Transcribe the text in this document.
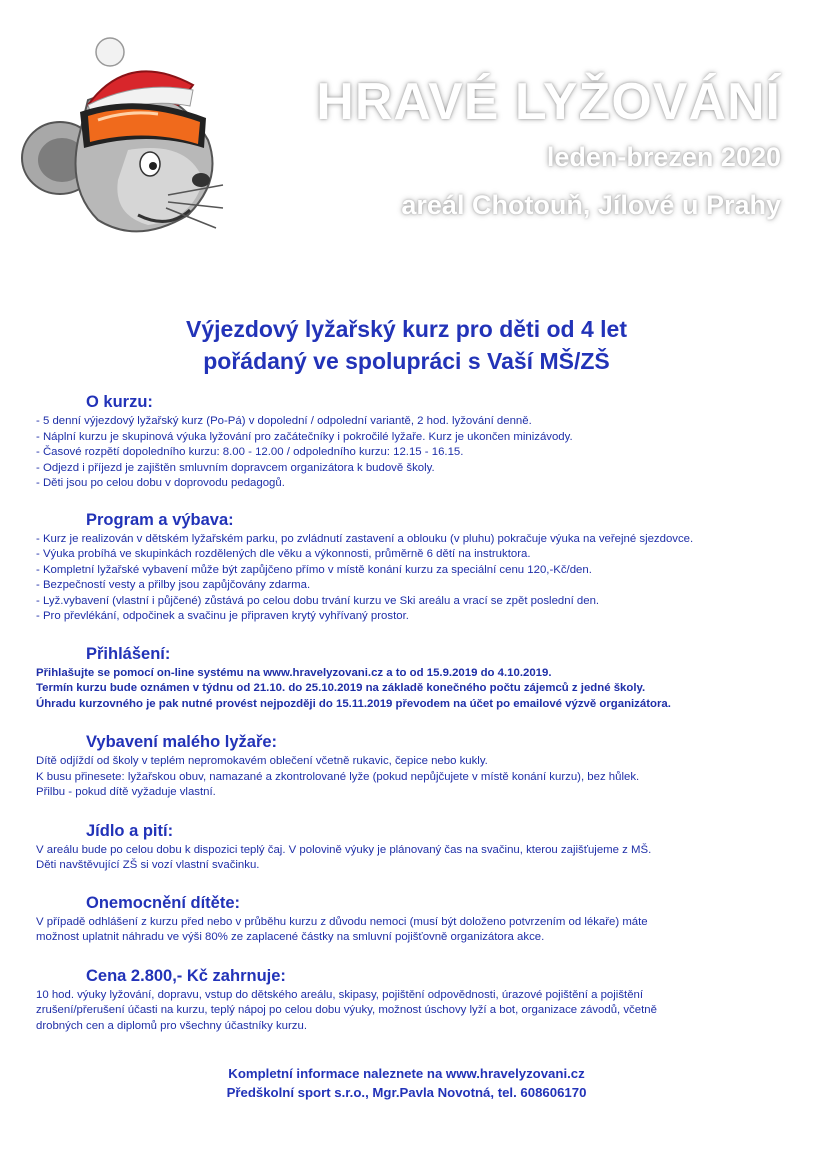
HRAVÉ LYŽOVÁNÍ
leden-brezen 2020
areál Chotouň, Jílové u Prahy
Výjezdový lyžařský kurz pro děti od 4 let
pořádaný ve spolupráci s Vaší MŠ/ZŠ
O kurzu:
- 5 denní výjezdový lyžařský kurz (Po-Pá) v dopolední / odpolední variantě, 2 hod. lyžování denně.
- Náplní kurzu je skupinová výuka lyžování pro začátečníky i pokročilé lyžaře. Kurz je ukončen minizávody.
- Časové rozpětí dopoledního kurzu: 8.00 - 12.00 / odpoledního kurzu: 12.15 - 16.15.
- Odjezd i příjezd je zajištěn smluvním dopravcem organizátora k budově školy.
- Děti jsou po celou dobu v doprovodu pedagogů.
Program a výbava:
- Kurz je realizován v dětském lyžařském parku, po zvládnutí zastavení a oblouku (v pluhu) pokračuje výuka na veřejné sjezdovce.
- Výuka probíhá ve skupinkách rozdělených dle věku a výkonnosti, průměrně 6 dětí na instruktora.
- Kompletní lyžařské vybavení může být zapůjčeno přímo v místě konání kurzu za speciální cenu 120,-Kč/den.
- Bezpečností vesty a přilby jsou zapůjčovány zdarma.
- Lyž.vybavení (vlastní i půjčené) zůstává po celou dobu trvání kurzu ve Ski areálu a vrací se zpět poslední den.
- Pro převlékání, odpočinek a svačinu je připraven krytý vyhřívaný prostor.
Přihlášení:
Přihlašujte se pomocí on-line systému na www.hravelyzovani.cz a to od 15.9.2019 do 4.10.2019.
Termín kurzu bude oznámen v týdnu od 21.10. do 25.10.2019 na základě konečného počtu zájemců z jedné školy.
Úhradu kurzovného je pak nutné provést nejpozději do 15.11.2019 převodem na účet po emailové výzvě organizátora.
Vybavení malého lyžaře:
Dítě odjíždí od školy v teplém nepromokavém oblečení včetně rukavic, čepice nebo kukly.
K busu přinesete: lyžařskou obuv, namazané a zkontrolované lyže (pokud nepůjčujete v místě konání kurzu), bez hůlek.
Přilbu - pokud dítě vyžaduje vlastní.
Jídlo a pití:
V areálu bude po celou dobu k dispozici teplý čaj. V polovině výuky je plánovaný čas na svačinu, kterou zajišťujeme z MŠ.
Děti navštěvující ZŠ si vozí vlastní svačinku.
Onemocnění dítěte:
V případě odhlášení z kurzu před nebo v průběhu kurzu z důvodu nemoci (musí být doloženo potvrzením od lékaře) máte
možnost uplatnit náhradu ve výši 80% ze zaplacené částky na smluvní pojišťovně organizátora akce.
Cena 2.800,- Kč zahrnuje:
10 hod. výuky lyžování, dopravu, vstup do dětského areálu, skipasy, pojištění odpovědnosti, úrazové pojištění a pojištění
zrušení/přerušení účasti na kurzu, teplý nápoj po celou dobu výuky, možnost úschovy lyží a bot, organizace závodů, včetně
drobných cen a diplomů pro všechny účastníky kurzu.
Kompletní informace naleznete na www.hravelyzovani.cz
Předškolní sport s.r.o., Mgr.Pavla Novotná, tel. 608606170
